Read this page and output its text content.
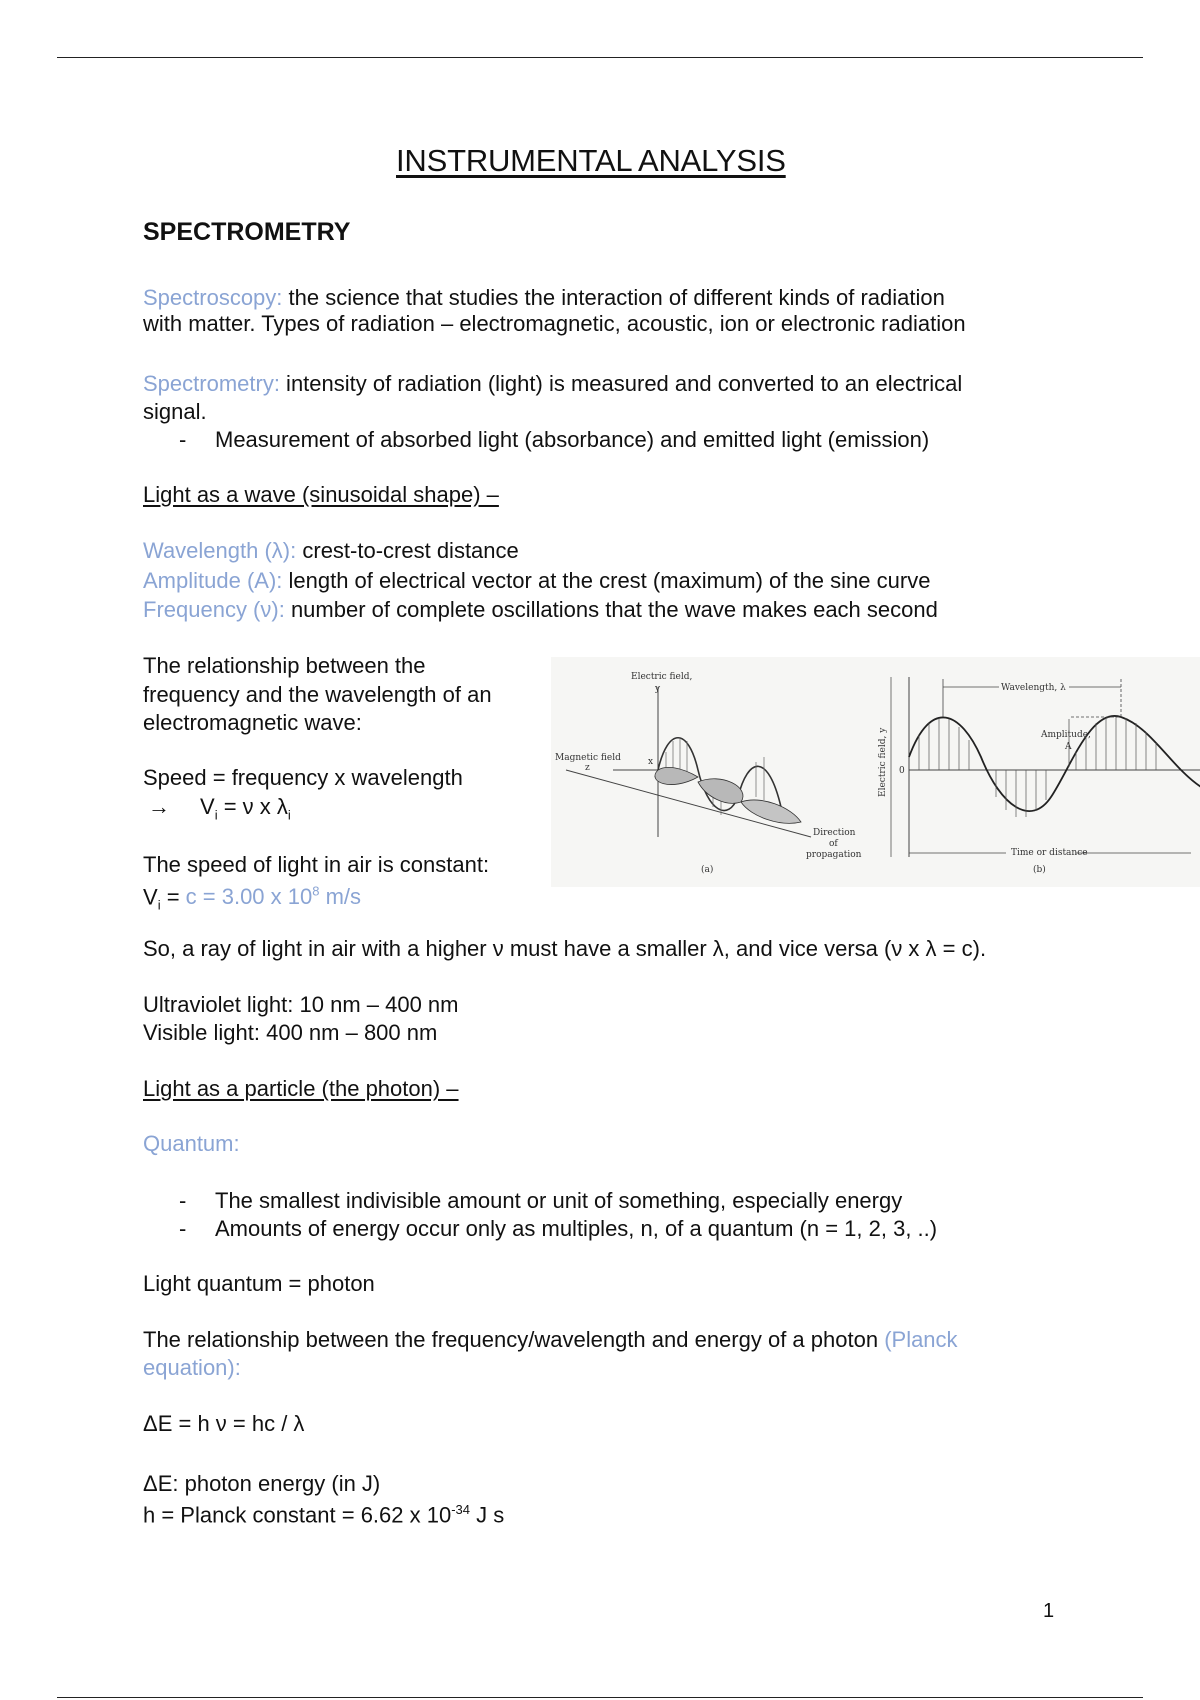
INSTRUMENTAL ANALYSIS
SPECTROMETRY
Spectroscopy: the science that studies the interaction of different kinds of radiation
with matter. Types of radiation – electromagnetic, acoustic, ion or electronic radiation
Spectrometry: intensity of radiation (light) is measured and converted to an electrical
signal.
- Measurement of absorbed light (absorbance) and emitted light (emission)
Light as a wave (sinusoidal shape) –
Wavelength (λ): crest-to-crest distance
Amplitude (A): length of electrical vector at the crest (maximum) of the sine curve
Frequency (ν): number of complete oscillations that the wave makes each second
The relationship between the
frequency and the wavelength of an
electromagnetic wave:
Speed = frequency x wavelength
→ $V_i = \nu$ x $\lambda_i$
The speed of light in air is constant:
$V_i = c = 3.00$ x $10^8$ m/s
Electric field,
y
Magnetic field
z
x
Direction
of
propagation
(a)
Wavelength, λ
Amplitude,
A
0
Electric field, y
Time or distance
(b)
So, a ray of light in air with a higher ν must have a smaller λ, and vice versa (ν x λ = c).
Ultraviolet light: 10 nm – 400 nm
Visible light: 400 nm – 800 nm
Light as a particle (the photon) –
Quantum:
- The smallest indivisible amount or unit of something, especially energy
- Amounts of energy occur only as multiples, n, of a quantum (n = 1, 2, 3, ..)
Light quantum = photon
The relationship between the frequency/wavelength and energy of a photon (Planck
equation):
ΔE = h ν = hc / λ
ΔE: photon energy (in J)
h = Planck constant = 6.62 x $10^{-34}$ J s
1
